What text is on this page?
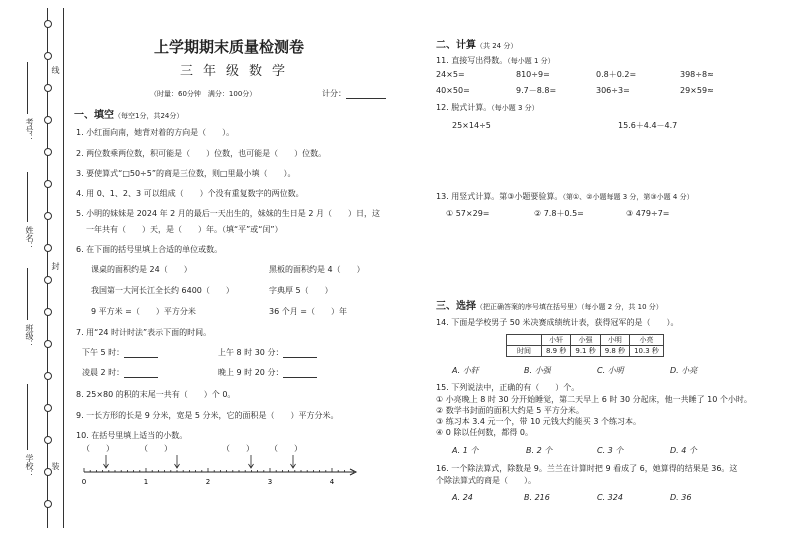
线
封
装
考号：
姓名：
班级：
学校：
上学期期末质量检测卷
三年级数学
（时量：60分钟　满分：100分）	计分：
一、填空（每空1分，共24分）
1. 小红面向南，她背对着的方向是（　　）。
2. 两位数乘两位数，积可能是（　　）位数，也可能是（　　）位数。
3. 要使算式“□50÷5”的商是三位数，则□里最小填（　　）。
4. 用 0、1、2、3 可以组成（　　）个没有重复数字的两位数。
5. 小明的妹妹是 2024 年 2 月的最后一天出生的，妹妹的生日是 2 月（　　）日，这
一年共有（　　）天，是（　　）年。（填“平”或“闰”）
6. 在下面的括号里填上合适的单位或数。
课桌的面积约是 24（　　）	黑板的面积约是 4（　　）
我国第一大河长江全长约 6400（　　）	字典厚 5（　　）
9 平方米 =（　　）平方分米	36 个月 =（　　）年
7. 用“24 时计时法”表示下面的时间。
下午 5 时：	上午 8 时 30 分：
凌晨 2 时：	晚上 9 时 20 分：
8. 25×80 的积的末尾一共有（　　）个 0。
9. 一长方形的长是 9 分米，宽是 5 分米，它的面积是（　　）平方分米。
10. 在括号里填上适当的小数。
（　　）	（　　）	（　　） （　　）
0	1	2	3	4
二、计算（共 24 分）
11. 直接写出得数。（每小题 1 分）
24×5=	810÷9=	0.8＋0.2=	398÷8≈
40×50=	9.7－8.8=	306÷3=	29×59≈
12. 脱式计算。（每小题 3 分）
25×14÷5	15.6＋4.4－4.7
13. 用竖式计算。第③小题要验算。（第①、②小题每题 3 分，第③小题 4 分）
① 57×29=	② 7.8＋0.5=	③ 479÷7=
三、选择（把正确答案的序号填在括号里）（每小题 2 分，共 10 分）
14. 下面是学校男子 50 米决赛成绩统计表，获得冠军的是（　　）。
	小轩	小强	小明	小亮
时间	8.9 秒	9.1 秒	9.8 秒	10.3 秒
A. 小轩	B. 小强	C. 小明	D. 小亮
15. 下列说法中，正确的有（　　）个。
① 小亮晚上 8 时 30 分开始睡觉，第二天早上 6 时 30 分起床，他一共睡了 10 个小时。
② 数学书封面的面积大约是 5 平方分米。
③ 练习本 3.4 元一个，带 10 元钱大约能买 3 个练习本。
④ 0 除以任何数，都得 0。
A. 1 个	B. 2 个	C. 3 个	D. 4 个
16. 一个除法算式，除数是 9。兰兰在计算时把 9 看成了 6，她算得的结果是 36。这
个除法算式的商是（　　）。
A. 24	B. 216	C. 324	D. 36
